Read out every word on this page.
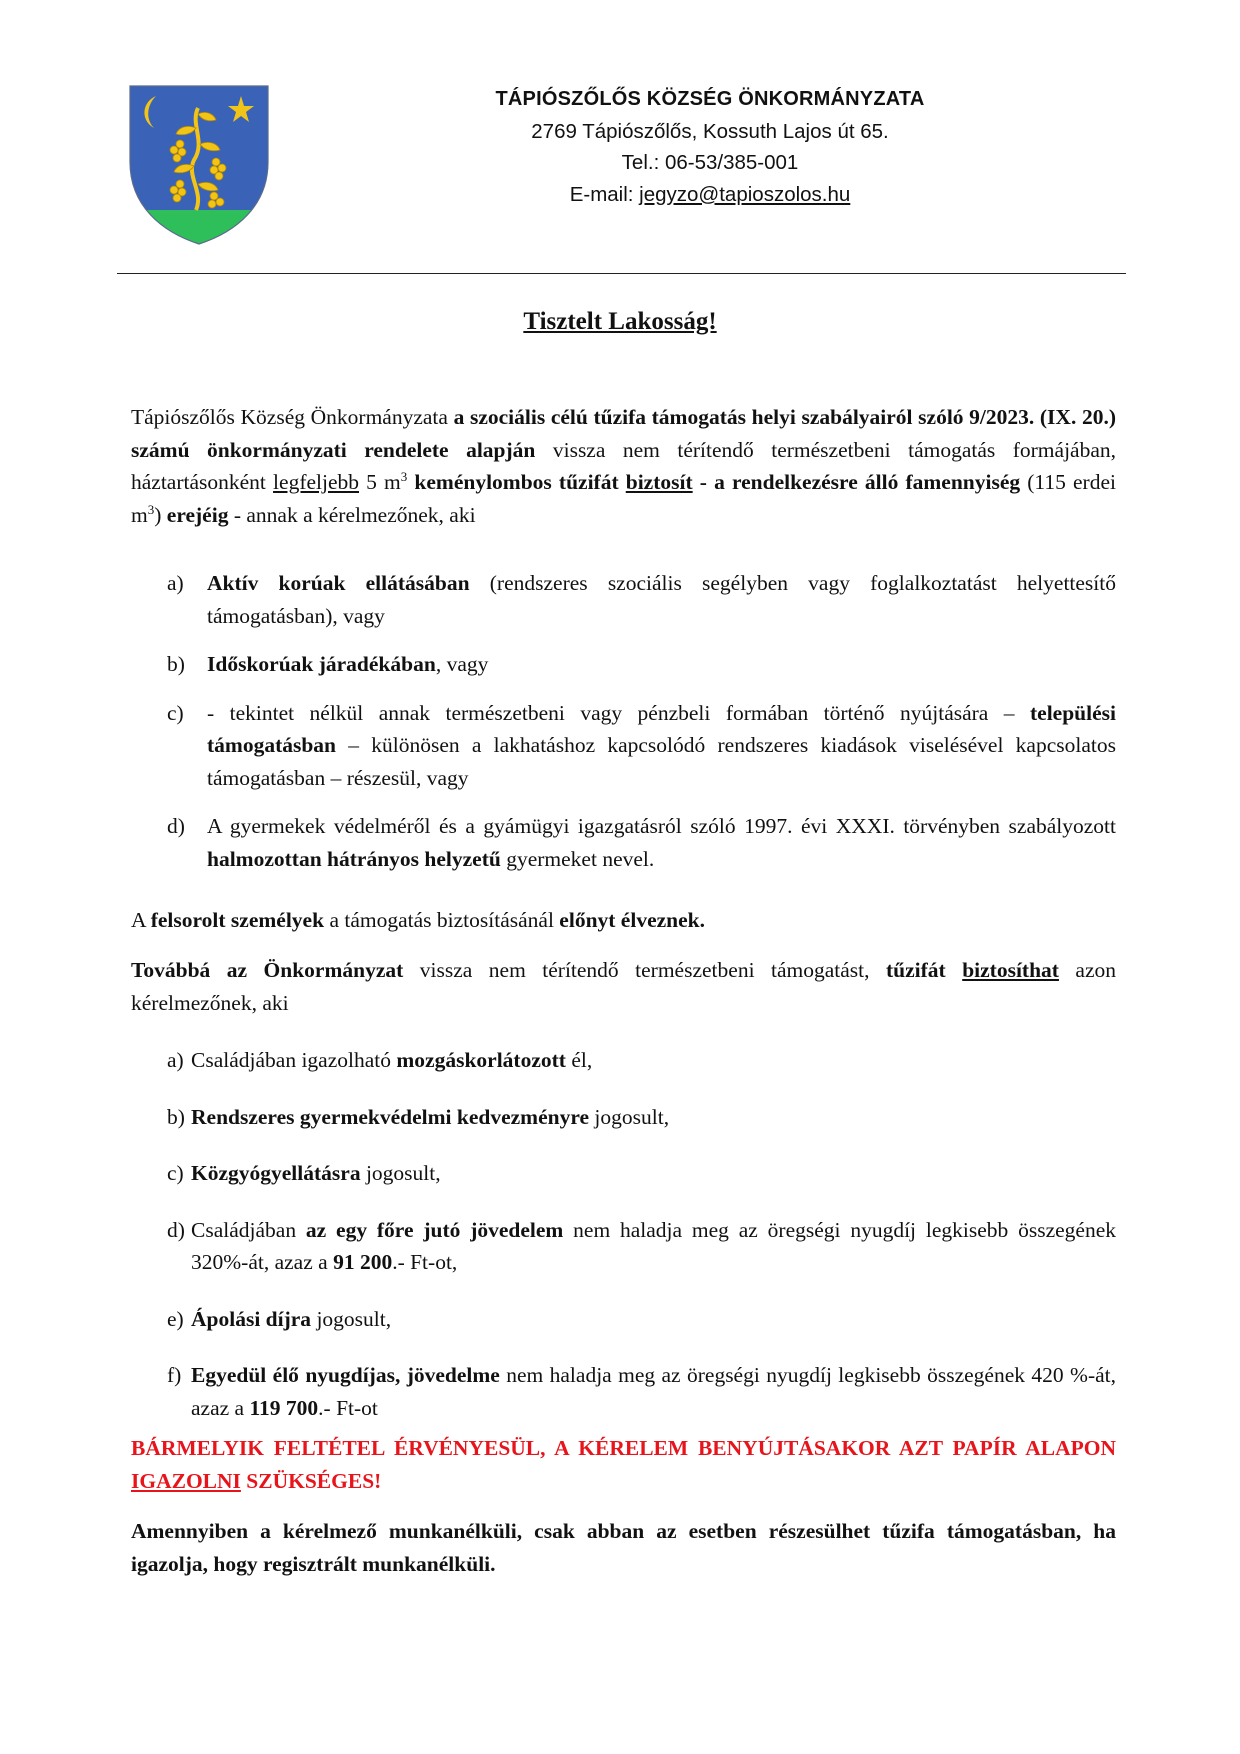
TÁPIÓSZŐLŐS KÖZSÉG ÖNKORMÁNYZATA
2769 Tápiószőlős, Kossuth Lajos út 65.
Tel.: 06-53/385-001
E-mail: jegyzo@tapioszolos.hu
Tisztelt Lakosság!

Tápiószőlős Község Önkormányzata a szociális célú tűzifa támogatás helyi szabályairól szóló 9/2023. (IX. 20.) számú önkormányzati rendelete alapján vissza nem térítendő természetbeni támogatás formájában, háztartásonként legfeljebb 5 $m^3$ keménylombos tűzifát biztosít - a rendelkezésre álló famennyiség (115 erdei $m^3$) erejéig - annak a kérelmezőnek, aki

a) Aktív korúak ellátásában (rendszeres szociális segélyben vagy foglalkoztatást helyettesítő támogatásban), vagy
b) Időskorúak járadékában, vagy
c) - tekintet nélkül annak természetbeni vagy pénzbeli formában történő nyújtására – települési támogatásban – különösen a lakhatáshoz kapcsolódó rendszeres kiadások viselésével kapcsolatos támogatásban – részesül, vagy
d) A gyermekek védelméről és a gyámügyi igazgatásról szóló 1997. évi XXXI. törvényben szabályozott halmozottan hátrányos helyzetű gyermeket nevel.

A felsorolt személyek a támogatás biztosításánál előnyt élveznek.

Továbbá az Önkormányzat vissza nem térítendő természetbeni támogatást, tűzifát biztosíthat azon kérelmezőnek, aki

a) Családjában igazolható mozgáskorlátozott él,
b) Rendszeres gyermekvédelmi kedvezményre jogosult,
c) Közgyógyellátásra jogosult,
d) Családjában az egy főre jutó jövedelem nem haladja meg az öregségi nyugdíj legkisebb összegének 320%-át, azaz a 91 200.- Ft-ot,
e) Ápolási díjra jogosult,
f) Egyedül élő nyugdíjas, jövedelme nem haladja meg az öregségi nyugdíj legkisebb összegének 420 %-át, azaz a 119 700.- Ft-ot

BÁRMELYIK FELTÉTEL ÉRVÉNYESÜL, A KÉRELEM BENYÚJTÁSAKOR AZT PAPÍR ALAPON IGAZOLNI SZÜKSÉGES!

Amennyiben a kérelmező munkanélküli, csak abban az esetben részesülhet tűzifa támogatásban, ha igazolja, hogy regisztrált munkanélküli.
